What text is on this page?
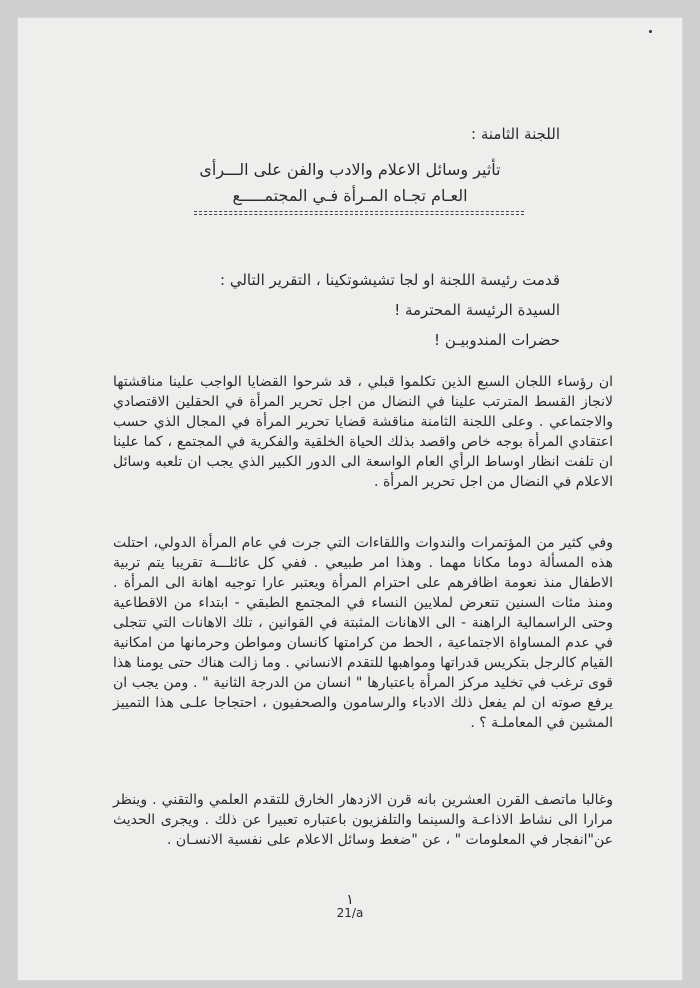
اللجنة الثامنة :
تأثير وسائل الاعلام والادب والفن على الـــرأى
العـام تجـاه المـرأة فـي المجتمـــــع
قدمت رئيسة اللجنة او لجا تشيشوتكينا ، التقرير التالي :
السيدة الرئيسة المحترمة !
حضرات المندوبيـن !

ان رؤساء اللجان السبع الذين تكلموا قبلي ، قد شرحوا القضايا الواجب علينا مناقشتها لانجاز القسط المترتب علينا في النضال من اجل تحرير المرأة في الحقلين الاقتصادي والاجتماعي . وعلى اللجنة الثامنة مناقشة قضايا تحرير المرأة في المجال الذي حسب اعتقادي المرأة بوجه خاص واقصد بذلك الحياة الخلقية والفكرية في المجتمع ، كما علينا ان تلفت انظار اوساط الرأي العام الواسعة الى الدور الكبير الذي يجب ان تلعبه وسائل الاعلام في النضال من اجل تحرير المرأة .

وفي كثير من المؤتمرات والندوات واللقاءات التي جرت في عام المرأة الدولي، احتلت هذه المسألة دوما مكانا مهما . وهذا امر طبيعي . ففي كل عائلـــة تقريبا يتم تربية الاطفال منذ نعومة اظافرهم على احترام المرأة ويعتبر عارا توجيه اهانة الى المرأة . ومنذ مئات السنين تتعرض لملايين النساء في المجتمع الطبقي - ابتداء من الاقطاعية وحتى الراسمالية الراهنة - الى الاهانات المثبتة في القوانين ، تلك الاهانات التي تتجلى في عدم المساواة الاجتماعية ، الحط من كرامتها كانسان ومواطن وحرمانها من امكانية القيام كالرجل بتكريس قدراتها ومواهبها للتقدم الانساني . وما زالت هناك حتى يومنا هذا قوى ترغب في تخليد مركز المرأة باعتبارها " انسان من الدرجة الثانية " . ومن يجب ان يرفع صوته ان لم يفعل ذلك الادباء والرسامون والصحفيون ، احتجاجا علـى هذا التمييز المشين في المعاملـة ؟ .

وغالبا ماتصف القرن العشرين بانه قرن الازدهار الخارق للتقدم العلمي والتقني . وينظر مرارا الى نشاط الاذاعـة والسينما والتلفزيون باعتباره تعبيرا عن ذلك . ويجرى الحديث عن"انفجار في المعلومات " ، عن "ضغط وسائل الاعلام على نفسية الانسـان .

١
21/a
